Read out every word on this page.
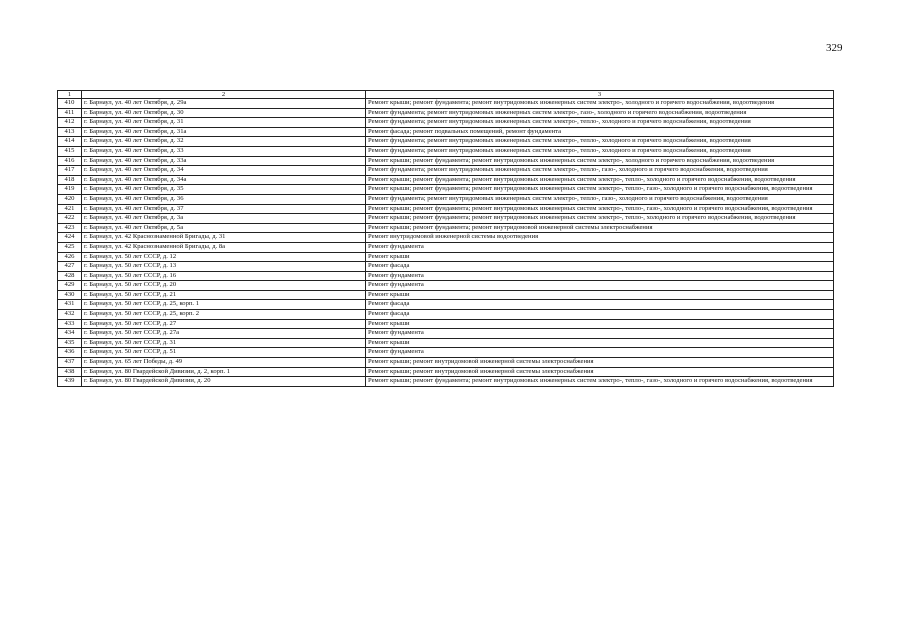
329
1	2	3
410	г. Барнаул, ул. 40 лет Октября, д. 29а	Ремонт крыши; ремонт фундамента; ремонт внутридомовых инженерных систем электро-, холодного и горячего водоснабжения, водоотведения
411	г. Барнаул, ул. 40 лет Октября, д. 30	Ремонт фундамента; ремонт внутридомовых инженерных систем электро-, газо-, холодного и горячего водоснабжения, водоотведения
412	г. Барнаул, ул. 40 лет Октября, д. 31	Ремонт фундамента; ремонт внутридомовых инженерных систем электро-, тепло-, холодного и горячего водоснабжения, водоотведения
413	г. Барнаул, ул. 40 лет Октября, д. 31а	Ремонт фасада; ремонт подвальных помещений, ремонт фундамента
414	г. Барнаул, ул. 40 лет Октября, д. 32	Ремонт фундамента; ремонт внутридомовых инженерных систем электро-, тепло-, холодного и горячего водоснабжения, водоотведения
415	г. Барнаул, ул. 40 лет Октября, д. 33	Ремонт фундамента; ремонт внутридомовых инженерных систем электро-, тепло-, холодного и горячего водоснабжения, водоотведения
416	г. Барнаул, ул. 40 лет Октября, д. 33а	Ремонт крыши; ремонт фундамента; ремонт внутридомовых инженерных систем электро-, холодного и горячего водоснабжения, водоотведения
417	г. Барнаул, ул. 40 лет Октября, д. 34	Ремонт фундамента; ремонт внутридомовых инженерных систем электро-, тепло-, газо-, холодного и горячего водоснабжения, водоотведения
418	г. Барнаул, ул. 40 лет Октября, д. 34а	Ремонт крыши; ремонт фундамента; ремонт внутридомовых инженерных систем электро-, тепло-, холодного и горячего водоснабжения, водоотведения
419	г. Барнаул, ул. 40 лет Октября, д. 35	Ремонт крыши; ремонт фундамента; ремонт внутридомовых инженерных систем электро-, тепло-, газо-, холодного и горячего водоснабжения, водоотведения
420	г. Барнаул, ул. 40 лет Октября, д. 36	Ремонт фундамента; ремонт внутридомовых инженерных систем электро-, тепло-, газо-, холодного и горячего водоснабжения, водоотведения
421	г. Барнаул, ул. 40 лет Октября, д. 37	Ремонт крыши; ремонт фундамента; ремонт внутридомовых инженерных систем электро-, тепло-, газо-, холодного и горячего водоснабжения, водоотведения
422	г. Барнаул, ул. 40 лет Октября, д. 3а	Ремонт крыши; ремонт фундамента; ремонт внутридомовых инженерных систем электро-, тепло-, холодного и горячего водоснабжения, водоотведения
423	г. Барнаул, ул. 40 лет Октября, д. 5а	Ремонт крыши; ремонт фундамента; ремонт внутридомовой инженерной системы электроснабжения
424	г. Барнаул, ул. 42 Краснознаменной Бригады, д. 31	Ремонт внутридомовой инженерной системы водоотведения
425	г. Барнаул, ул. 42 Краснознаменной Бригады, д. 8а	Ремонт фундамента
426	г. Барнаул, ул. 50 лет СССР, д. 12	Ремонт крыши
427	г. Барнаул, ул. 50 лет СССР, д. 13	Ремонт фасада
428	г. Барнаул, ул. 50 лет СССР, д. 16	Ремонт фундамента
429	г. Барнаул, ул. 50 лет СССР, д. 20	Ремонт фундамента
430	г. Барнаул, ул. 50 лет СССР, д. 21	Ремонт крыши
431	г. Барнаул, ул. 50 лет СССР, д. 25, корп. 1	Ремонт фасада
432	г. Барнаул, ул. 50 лет СССР, д. 25, корп. 2	Ремонт фасада
433	г. Барнаул, ул. 50 лет СССР, д. 27	Ремонт крыши
434	г. Барнаул, ул. 50 лет СССР, д. 27а	Ремонт фундамента
435	г. Барнаул, ул. 50 лет СССР, д. 31	Ремонт крыши
436	г. Барнаул, ул. 50 лет СССР, д. 51	Ремонт фундамента
437	г. Барнаул, ул. 65 лет Победы, д. 49	Ремонт крыши; ремонт внутридомовой инженерной системы электроснабжения
438	г. Барнаул, ул. 80 Гвардейской Дивизии, д. 2, корп. 1	Ремонт крыши; ремонт внутридомовой инженерной системы электроснабжения
439	г. Барнаул, ул. 80 Гвардейской Дивизии, д. 20	Ремонт крыши; ремонт фундамента; ремонт внутридомовых инженерных систем электро-, тепло-, газо-, холодного и горячего водоснабжения, водоотведения
